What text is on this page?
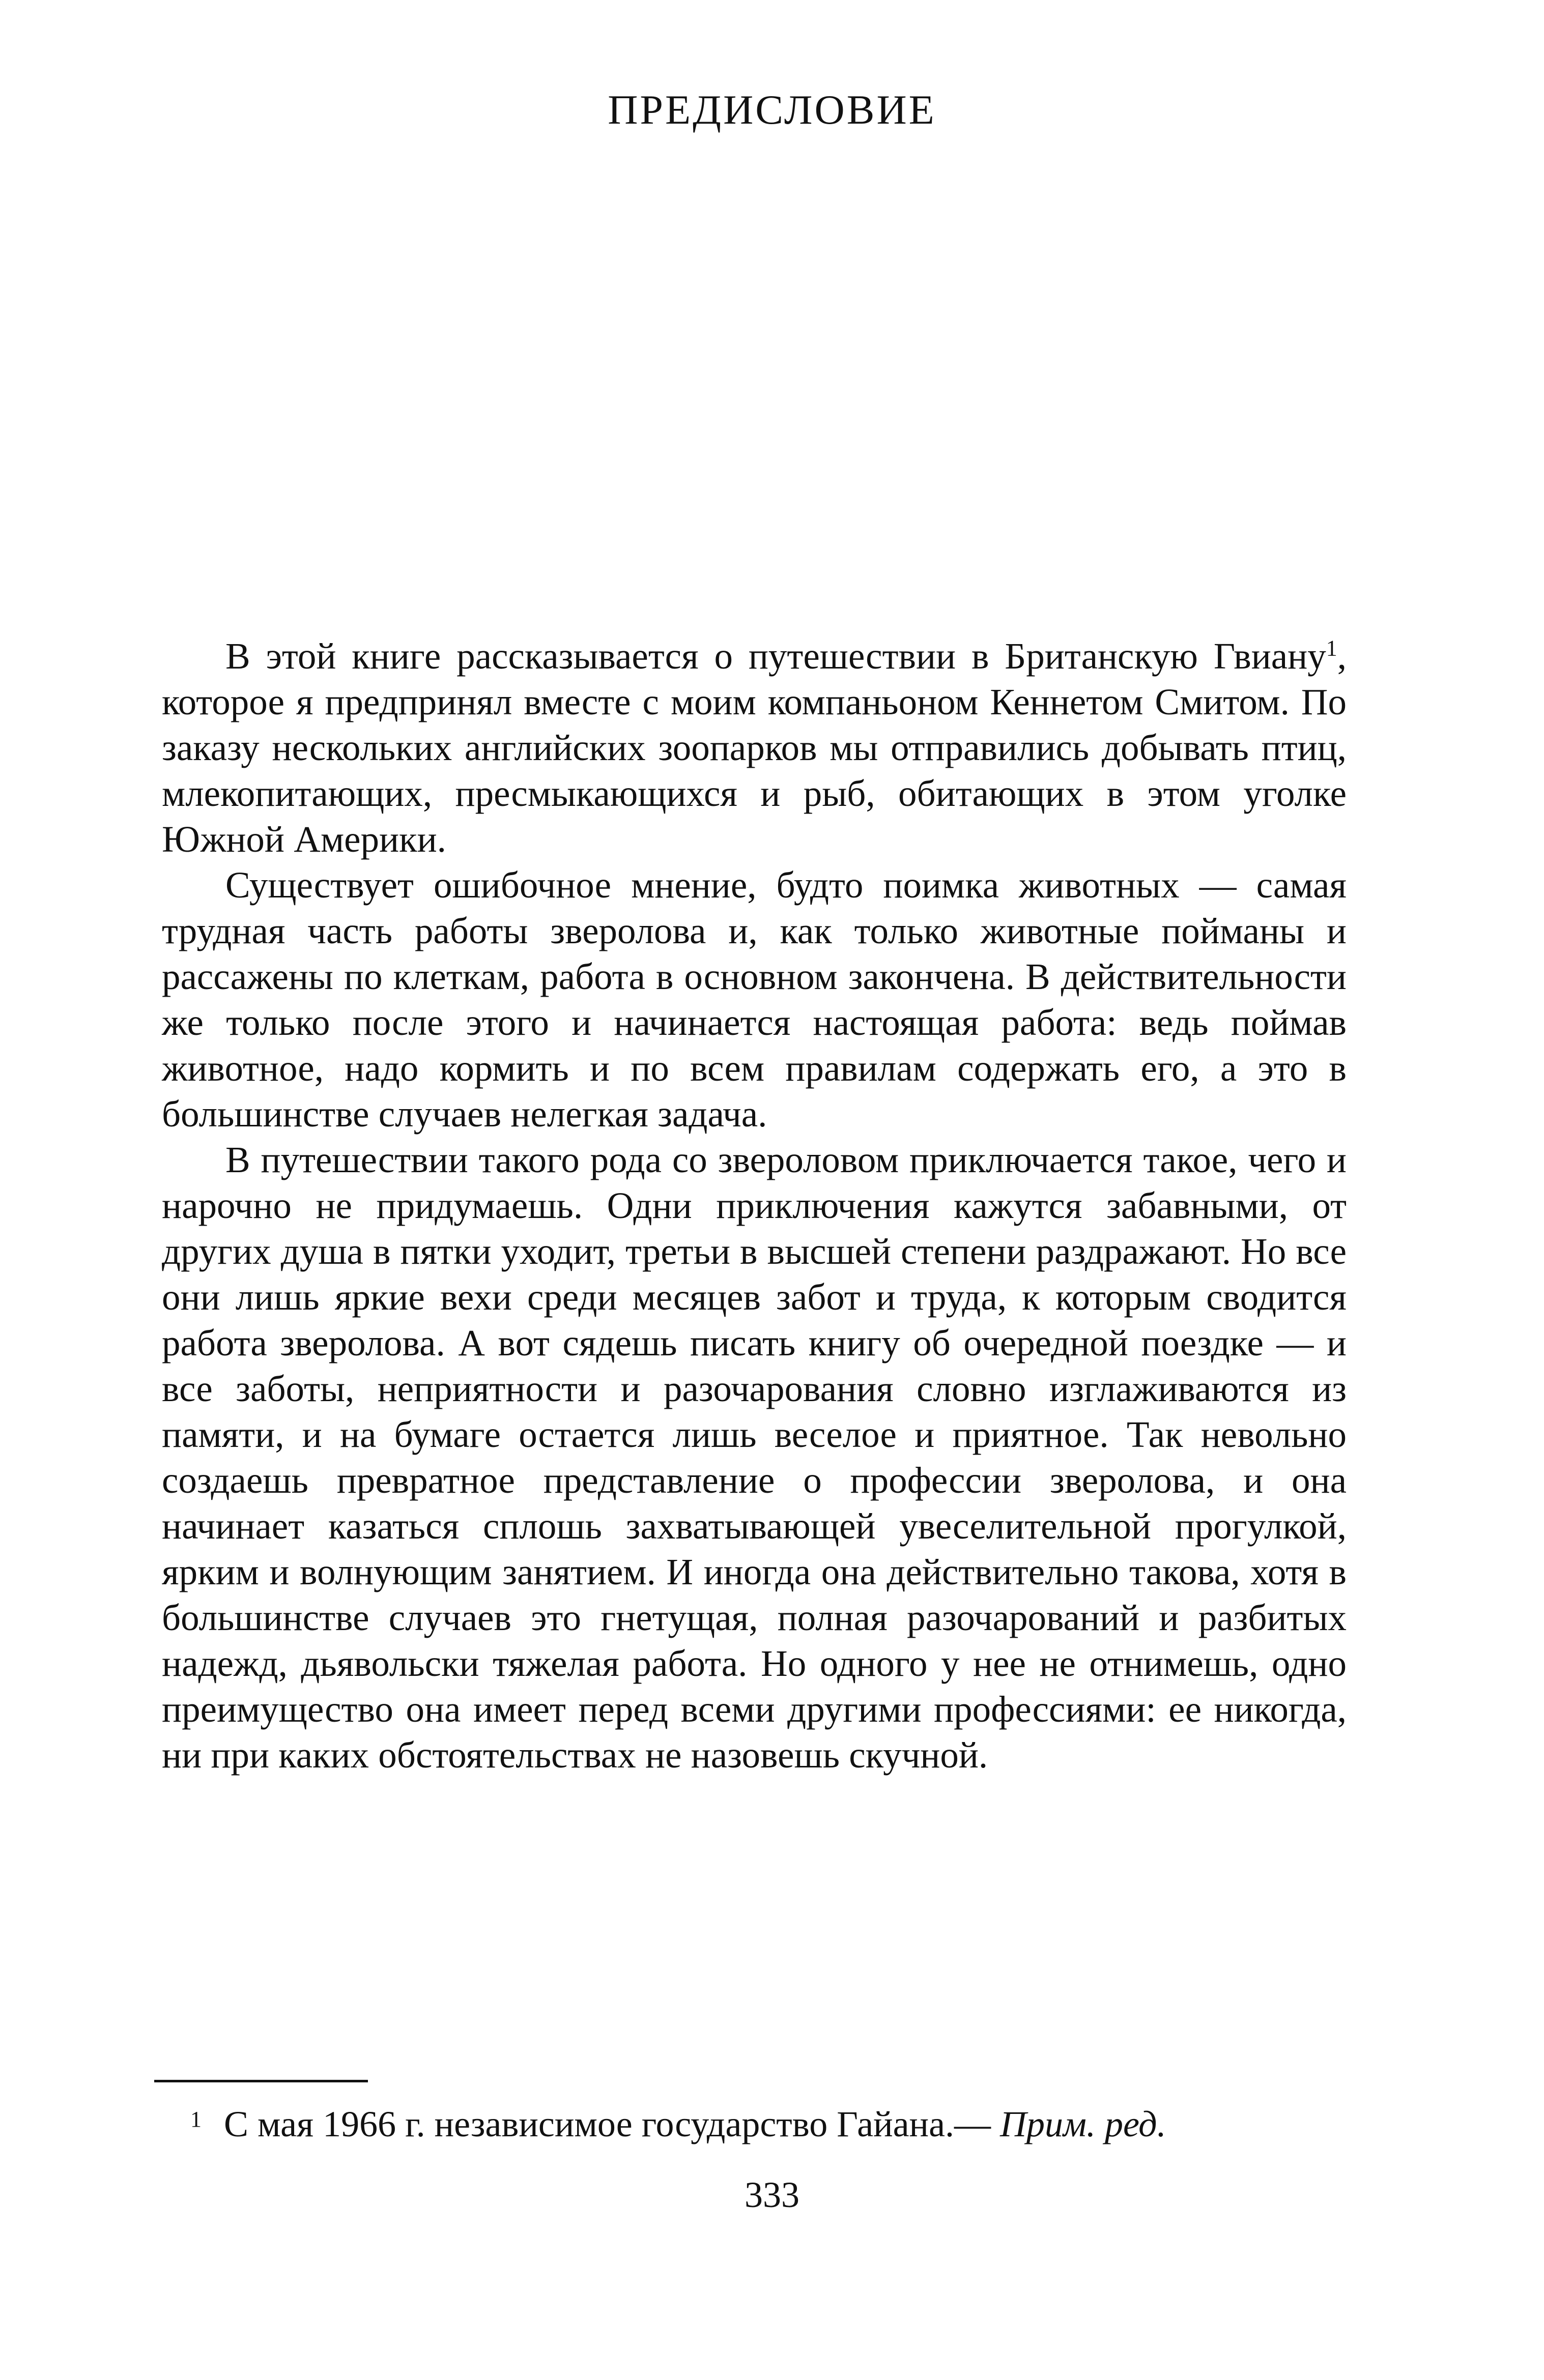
ПРЕДИСЛОВИЕ

В этой книге рассказывается о путешествии в Британскую Гвиану$^1$, которое я предпринял вместе с моим компаньоном Кеннетом Смитом. По заказу нескольких английских зоопарков мы отправились добывать птиц, млекопитающих, пресмыкающихся и рыб, обитающих в этом уголке Южной Америки.

Существует ошибочное мнение, будто поимка животных — самая трудная часть работы зверолова и, как только животные пойманы и рассажены по клеткам, работа в основном закончена. В действительности же только после этого и начинается настоящая работа: ведь поймав животное, надо кормить и по всем правилам содержать его, а это в большинстве случаев нелегкая задача.

В путешествии такого рода со звероловом приключается такое, чего и нарочно не придумаешь. Одни приключения кажутся забавными, от других душа в пятки уходит, третьи в высшей степени раздражают. Но все они лишь яркие вехи среди месяцев забот и труда, к которым сводится работа зверолова. А вот сядешь писать книгу об очередной поездке — и все заботы, неприятности и разочарования словно изглаживаются из памяти, и на бумаге остается лишь веселое и приятное. Так невольно создаешь превратное представление о профессии зверолова, и она начинает казаться сплошь захватывающей увеселительной прогулкой, ярким и волнующим занятием. И иногда она действительно такова, хотя в большинстве случаев это гнетущая, полная разочарований и разбитых надежд, дьявольски тяжелая работа. Но одного у нее не отнимешь, одно преимущество она имеет перед всеми другими профессиями: ее никогда, ни при каких обстоятельствах не назовешь скучной.

1 С мая 1966 г. независимое государство Гайана.— Прим. ред.
333
